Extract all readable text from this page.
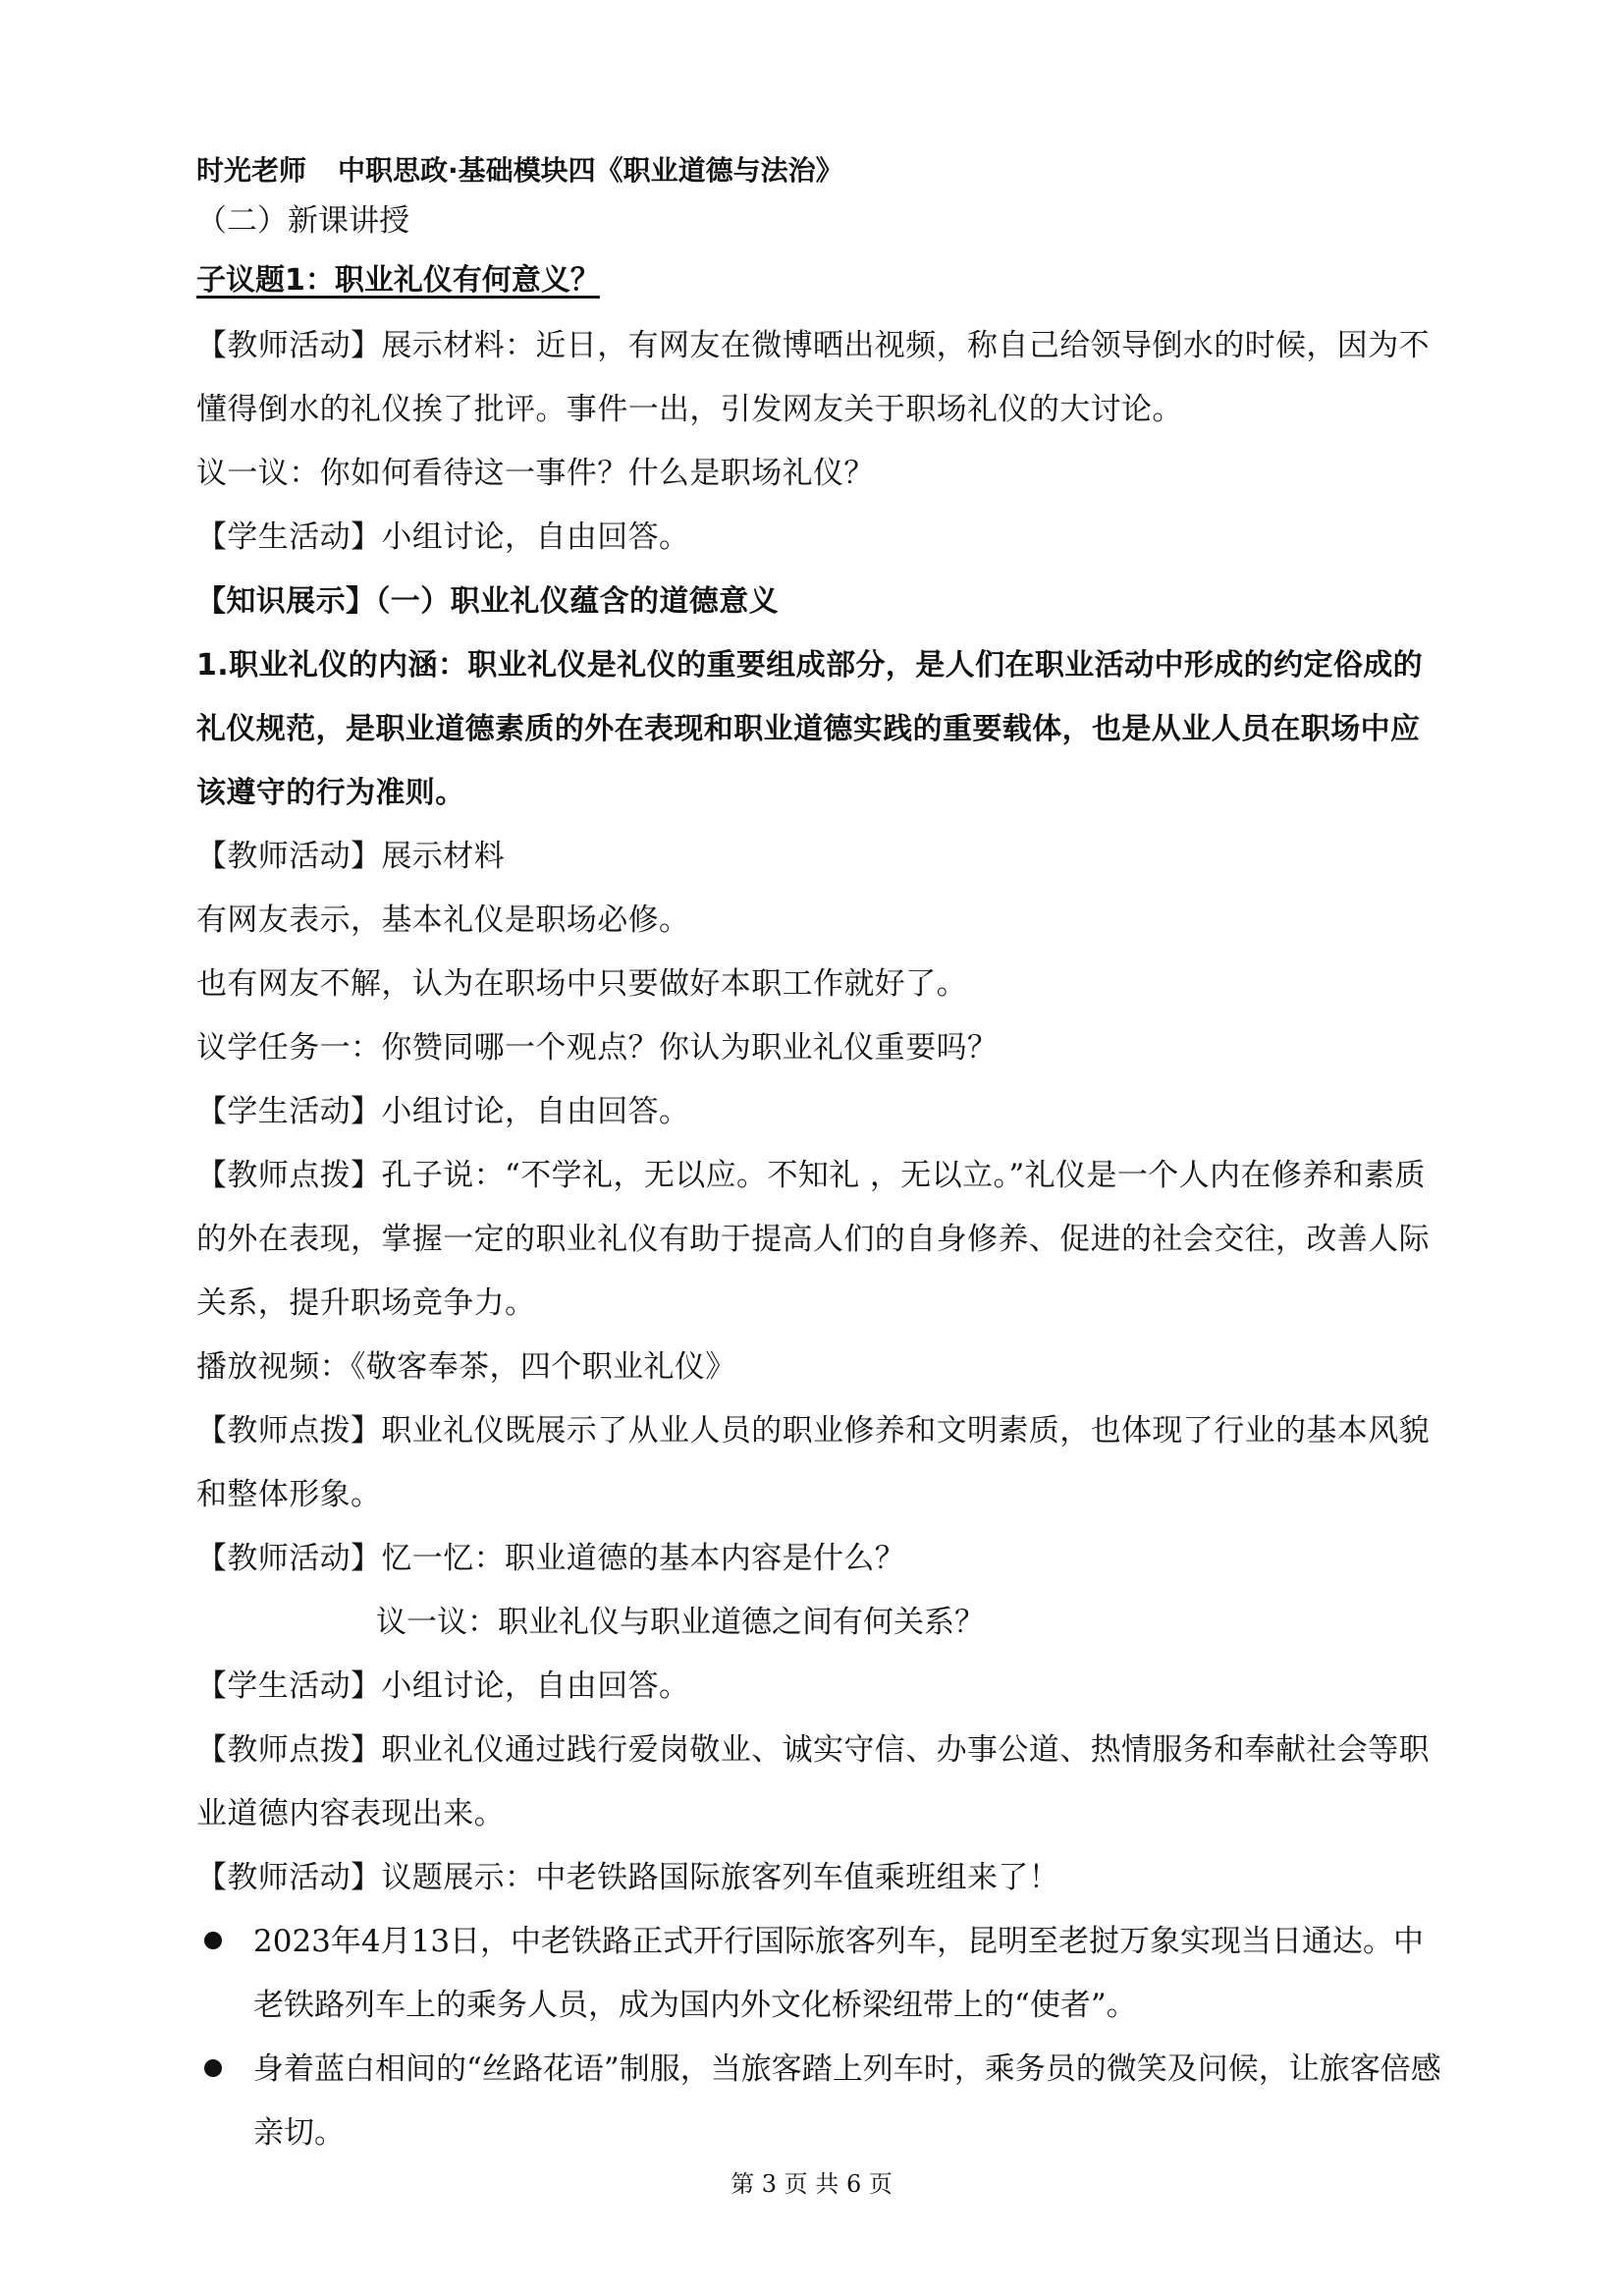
时光老师 中职思政·基础模块四《职业道德与法治》
（二）新课讲授
子议题1：职业礼仪有何意义？

【教师活动】展示材料：近日，有网友在微博晒出视频，称自己给领导倒水的时候，因为不懂得倒水的礼仪挨了批评。事件一出，引发网友关于职场礼仪的大讨论。

议一议：你如何看待这一事件？什么是职场礼仪？

【学生活动】小组讨论，自由回答。

【知识展示】（一）职业礼仪蕴含的道德意义

1.职业礼仪的内涵：职业礼仪是礼仪的重要组成部分，是人们在职业活动中形成的约定俗成的礼仪规范，是职业道德素质的外在表现和职业道德实践的重要载体，也是从业人员在职场中应该遵守的行为准则。

【教师活动】展示材料

有网友表示，基本礼仪是职场必修。

也有网友不解，认为在职场中只要做好本职工作就好了。

议学任务一：你赞同哪一个观点？你认为职业礼仪重要吗？

【学生活动】小组讨论，自由回答。

【教师点拨】孔子说：“不学礼，无以应。不知礼 ，无以立。”礼仪是一个人内在修养和素质的外在表现，掌握一定的职业礼仪有助于提高人们的自身修养、促进的社会交往，改善人际关系，提升职场竞争力。

播放视频：《敬客奉茶，四个职业礼仪》

【教师点拨】职业礼仪既展示了从业人员的职业修养和文明素质，也体现了行业的基本风貌和整体形象。

【教师活动】忆一忆：职业道德的基本内容是什么？

议一议：职业礼仪与职业道德之间有何关系？

【学生活动】小组讨论，自由回答。

【教师点拨】职业礼仪通过践行爱岗敬业、诚实守信、办事公道、热情服务和奉献社会等职业道德内容表现出来。

【教师活动】议题展示：中老铁路国际旅客列车值乘班组来了！

2023年4月13日，中老铁路正式开行国际旅客列车，昆明至老挝万象实现当日通达。中老铁路列车上的乘务人员，成为国内外文化桥梁纽带上的“使者”。
身着蓝白相间的“丝路花语”制服，当旅客踏上列车时，乘务员的微笑及问候，让旅客倍感亲切。
第 3 页 共 6 页
